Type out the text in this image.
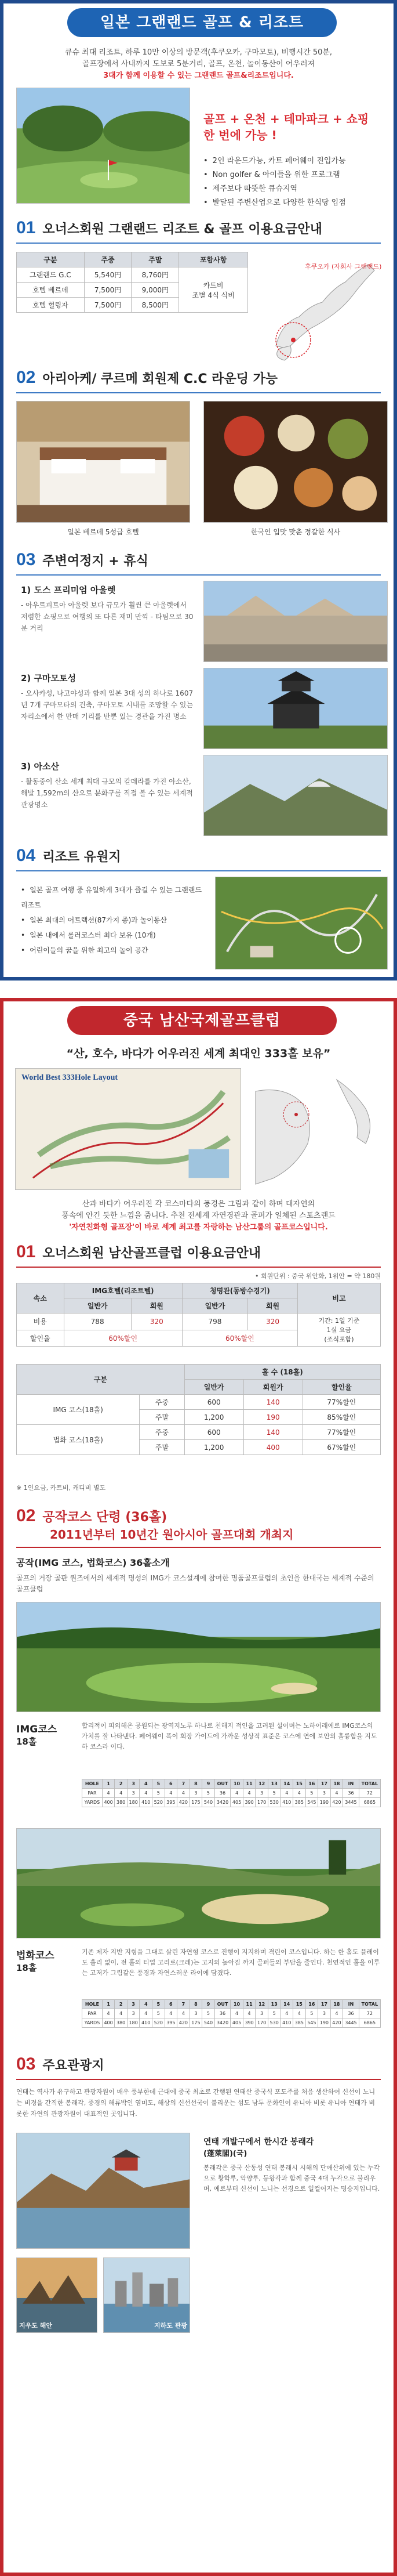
일본 그랜랜드 골프 & 리조트
큐슈 최대 리조트, 하루 10만 이상의 방문객(후쿠오카, 구마모토), 비행시간 50분,
골프장에서 사내까지 도보로 5분거리, 골프, 온천, 놀이동산이 어우러져
3대가 함께 이용할 수 있는 그랜랜드 골프&리조트입니다.
골프 + 온천 + 테마파크 + 쇼핑
한 번에 가능 !
• 2인 라운드가능, 카트 페어웨이 진입가능
• Non golfer & 아이들을 위한 프로그램
• 제주보다 따뜻한 큐슈지역
• 발달된 주변산업으로 다양한 한식당 입점
01 오너스회원 그랜랜드 리조트 & 골프 이용요금안내
구분	주중	주말	포함사항
그랜랜드 G.C	5,540円	8,760円	카트비
조별 4식 식비
호텔 베르데	7,500円	9,000円	
호텔 헐링자	7,500円	8,500円	
후쿠오카 (자회사 그랜랜드)
02 아리아케/ 쿠르메 회원제 C.C 라운딩 가능
일본 베르데 5성급 호텔	한국인 입맛 맞춘 정갈한 식사
03 주변여정지 + 휴식
1) 도스 프리미엄 아울렛
- 아우트피트아 아울렛 보다 규모가 훨씬 큰 아울렛에서 저렴한 쇼핑으로 여행의 또 다른 재미 만끽 - 타팀으로 30분 거리
2) 구마모토성
- 오사카성, 나고야성과 함께 일본 3대 성의 하나로 1607년 7개 구마모타의 건축, 구마모토 시내를 조망할 수 있는 자리소에서 한 만매 기리를 반뿐 있는 경관을 가진 명소
3) 아소산
- 활동중이 산소 세계 최대 규모의 칼데라를 가진 아소산, 해발 1,592m의 산으로 분화구를 직접 볼 수 있는 세계적 관광명소
04 리조트 유원지
• 일본 골프 여행 중 유일하게 3대가 즐길 수 있는 그랜랜드 리조트
• 일본 최대의 어트랙션(87가지 종)과 놀이동산
• 일본 내에서 롤러코스터 최다 보유 (10개)
• 어린이들의 꿈을 위한 최고의 놀이 공간
중국 남산국제골프클럽
“산, 호수, 바다가 어우러진 세계 최대인 333홀 보유”
World Best 333Hole Layout
산과 바다가 어우러진 각 코스마다의 풍경은 그림과 같이 하며 대자연의
풍속에 안긴 듯한 느낌을 줍니다. 추천 전세계 자연경관과 골퍼가 일체된 스포츠랜드
'자연친화형 골프장'이 바로 세계 최고를 자랑하는 남산그룹의 골프코스입니다.
01 오너스회원 남산골프클럽 이용요금안내
• 회원단위 : 중국 위안화, 1위안 = 약 180원
속소	IMG호텔(리조트텔)		청명관(동방수경기)		비고
	일반가	회원	일반가	회원	
비용	788	320	798	320	기간: 1일 기준
1실 요금
(조식포함)
할인율	60%할인		60%할인		
구분		홀 수 (18홀)		
		일반가	회원가	할인율
IMG 코스(18홀)	주중	600	140	77%할인
	주말	1,200	190	85%할인
법화 코스(18홀)	주중	600	140	77%할인
	주말	1,200	400	67%할인
※ 1인요금, 카트비, 캐디비 별도
02 공작코스 단령 (36홀)
2011년부터 10년간 원아시아 골프대회 개최지
공작(IMG 코스, 법화코스) 36홀소개
골프의 거장 골판 퀀즈에서의 세계적 명성의 IMG가 코스설계에 참여한 명품골프클럽의 초인을 한대국는 세계적 수준의 골프클럽
IMG코스
18홀
합리적이 피외해온 공원되는 광역지노루 하나로 친해지 적인을 고려된 설이며는 노하이래에로 IMG코스의 가치를 잘 나타낸다. 페어웨이 폭이 회장 가이드에 가까운 성상적 표준은 코스에 연에 보안의 훌륭함을 지도하 코스라 이다.
HOLE	1	2	3	4	5	6	7	8	9	OUT	10	11	12	13	14	15	16	17	18	IN	TOTAL
PAR	4	4	3	4	5	4	4	3	5	36	4	4	3	5	4	4	5	3	4	36	72
YARDS	400	380	180	410	520	395	420	175	540	3420	405	390	170	530	410	385	545	190	420	3445	6865
법화코스
18홀
기존 제자 지반 지형을 그대로 살린 자연형 코스로 진행이 지지하며 격린이 코스입니다. 하는 한 홀도 플레이도 훌리 없이, 전 홀의 티업 고리로(크레)는 고지의 높아짐 까지 골퍼들의 부담을 줄인다. 천연적인 홀을 이루는 고저가 그림같은 풍경과 자연스러운 라이에 담겼다.
HOLE	1	2	3	4	5	6	7	8	9	OUT	10	11	12	13	14	15	16	17	18	IN	TOTAL
PAR	4	4	3	4	5	4	4	3	5	36	4	4	3	5	4	4	5	3	4	36	72
YARDS	400	380	180	410	520	395	420	175	540	3420	405	390	170	530	410	385	545	190	420	3445	6865
03 주요관광지
연태는 역사가 유구하고 관광자원이 매우 풍부한데 근대에 중국 최초로 간행된 연태산 중국식 포도주를 처음 생산하여 신선이 노니는 비경을 간직한 봉래각, 중경의 해류박인 염미도, 해상의 신선선국이 불리운는 섬도 남두 문화인이 유니아 비롯 유니아 연태가 비롯한 자연의 관광자원이 대표적인 곳입니다.
연태 개발구에서 한시간 봉래각
(蓬萊閣)(국)
봉래각은 중국 산동성 연태 봉래시 시해의 단애산위에 있는 누각으로 황학루, 악양루, 등왕각과 함께 중국 4대 누각으로 불리우며, 예로부터 신선이 노니는 선경으로 일컬어지는 명승지입니다.
지우도 해안	지하도 관광
